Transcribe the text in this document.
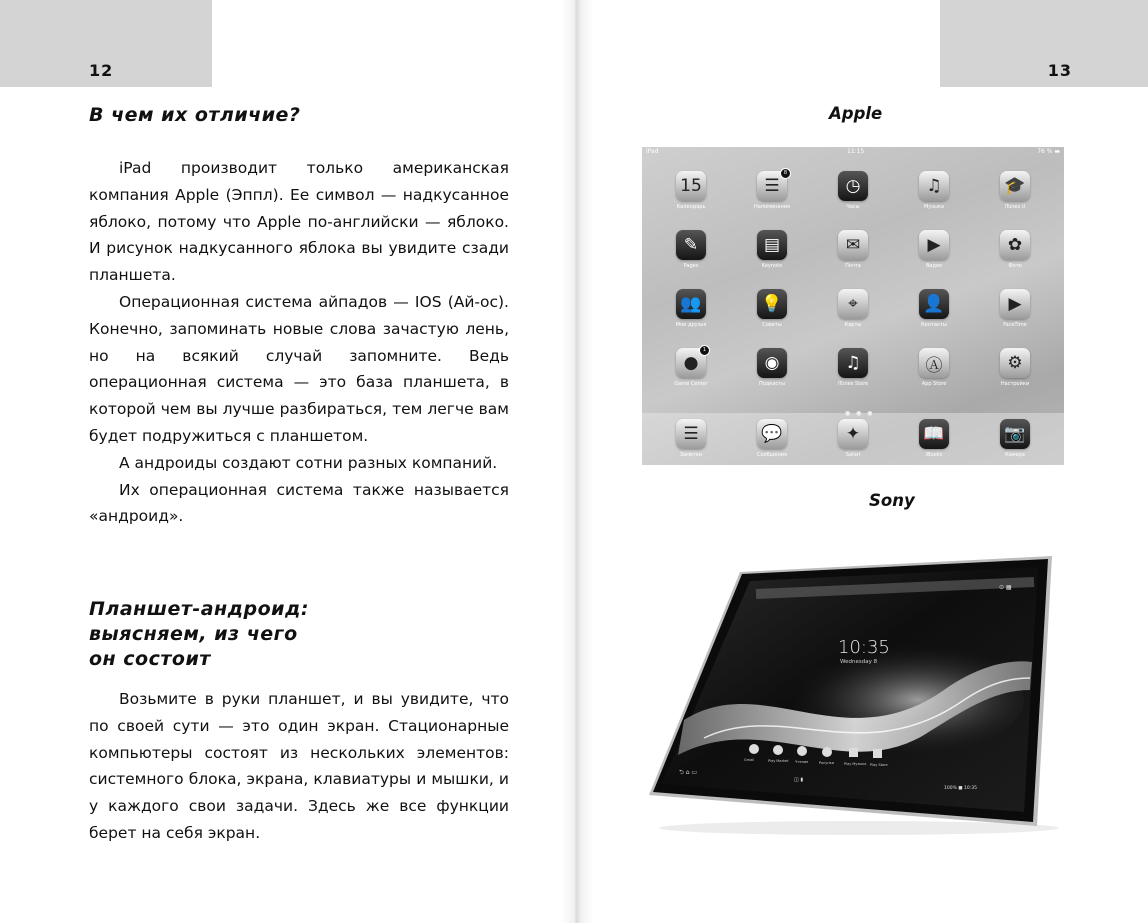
12
В чем их отличие?

iPad производит только американская компания Apple (Эппл). Ее символ — надкусанное яблоко, потому что Apple по-английски — яблоко. И рисунок надкусанного яблока вы увидите сзади планшета.

Операционная система айпадов — IOS (Ай-ос). Конечно, запоминать новые слова зачастую лень, но на всякий случай запомните. Ведь операционная система — это база планшета, в которой чем вы лучше разбираться, тем легче вам будет подружиться с планшетом.

А андроиды создают сотни разных компаний.

Их операционная система также называется «андроид».

Планшет-андроид:
выясняем, из чего
он состоит

Возьмите в руки планшет, и вы увидите, что по своей сути — это один экран. Стационарные компьютеры состоят из нескольких элементов: системного блока, экрана, клавиатуры и мышки, и у каждого свои задачи. Здесь же все функции берет на себя экран.

13
Apple
iPad	11:15	76 % ▬
15
Календарь
☰
8
Напоминания
◷
Часы
♫
Музыка
🎓
iTunes U
✎
Pages
▤
Keynote
✉
Почта
▶
Видео
✿
Фото
👥
Мои друзья
💡
Советы
⌖
Карты
👤
Контакты
▶
FaceTime
●
1
Game Center
◉
Подкасты
♫
iTunes Store
Ⓐ
App Store
⚙
Настройки
● ● ●
☰
Заметки
💬
Сообщения
✦
Safari
📖
iBooks
📷
Камера
Sony
10:35
Wednesday 8
Gmail	Play Market Чтение	Рисунки	Play Музыка Play Store
⮌ ⌂ ▭
◫ ▮
100% ■ 10:35
⊙ ▦
